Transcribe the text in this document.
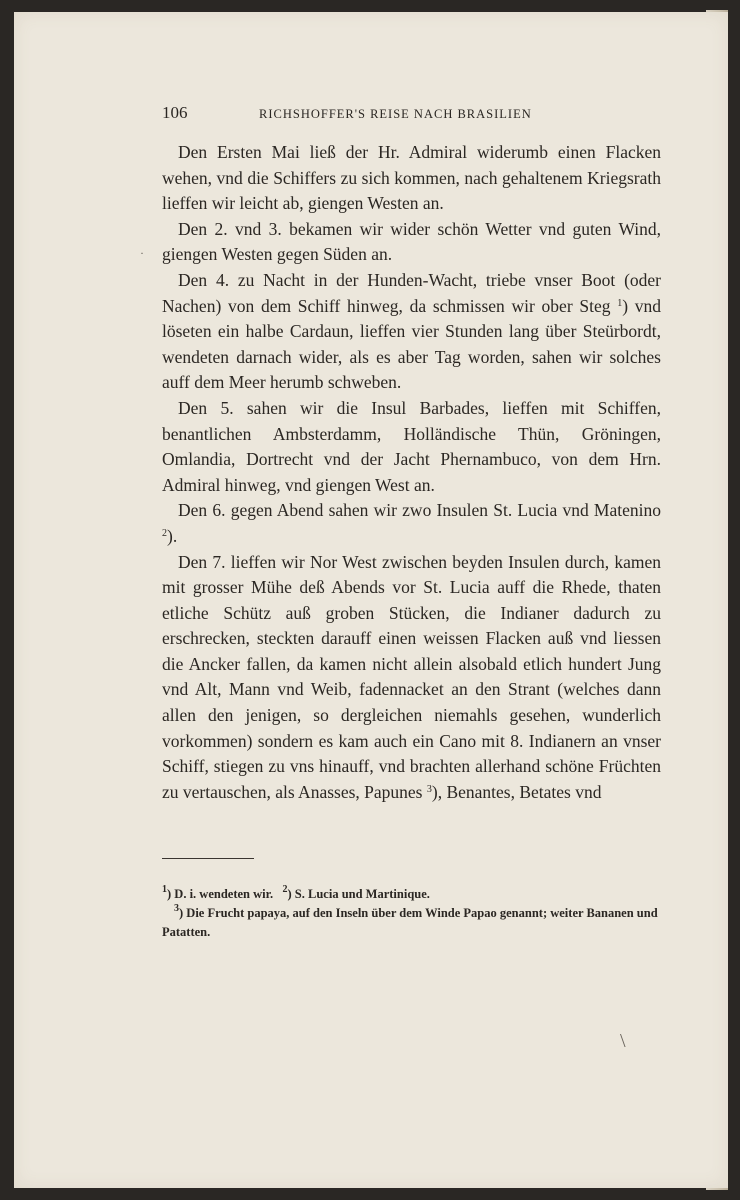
106	RICHSHOFFER'S REISE NACH BRASILIEN

Den Ersten Mai ließ der Hr. Admiral widerumb einen Flacken wehen, vnd die Schiffers zu sich kommen, nach gehaltenem Kriegsrath lieffen wir leicht ab, giengen Westen an.

Den 2. vnd 3. bekamen wir wider schön Wetter vnd guten Wind, giengen Westen gegen Süden an.

Den 4. zu Nacht in der Hunden-Wacht, triebe vnser Boot (oder Nachen) von dem Schiff hinweg, da schmissen wir ober Steg $^1$) vnd löseten ein halbe Cardaun, lieffen vier Stunden lang über Steürbordt, wendeten darnach wider, als es aber Tag worden, sahen wir solches auff dem Meer herumb schweben.

Den 5. sahen wir die Insul Barbades, lieffen mit Schiffen, benantlichen Ambsterdamm, Holländische Thün, Gröningen, Omlandia, Dortrecht vnd der Jacht Phernambuco, von dem Hrn. Admiral hinweg, vnd giengen West an.

Den 6. gegen Abend sahen wir zwo Insulen St. Lucia vnd Matenino $^2$).

Den 7. lieffen wir Nor West zwischen beyden Insulen durch, kamen mit grosser Mühe deß Abends vor St. Lucia auff die Rhede, thaten etliche Schütz auß groben Stücken, die Indianer dadurch zu erschrecken, steckten darauff einen weissen Flacken auß vnd liessen die Ancker fallen, da kamen nicht allein alsobald etlich hundert Jung vnd Alt, Mann vnd Weib, fadennacket an den Strant (welches dann allen den jenigen, so dergleichen niemahls gesehen, wunderlich vorkommen) sondern es kam auch ein Cano mit 8. Indianern an vnser Schiff, stiegen zu vns hinauff, vnd brachten allerhand schöne Früchten zu vertauschen, als Anasses, Papunes $^3$), Benantes, Betates vnd

$^1$) D. i. wendeten wir. $^2$) S. Lucia und Martinique.

$^3$) Die Frucht papaya, auf den Inseln über dem Winde Papao genannt; weiter Bananen und Patatten.

·
\
